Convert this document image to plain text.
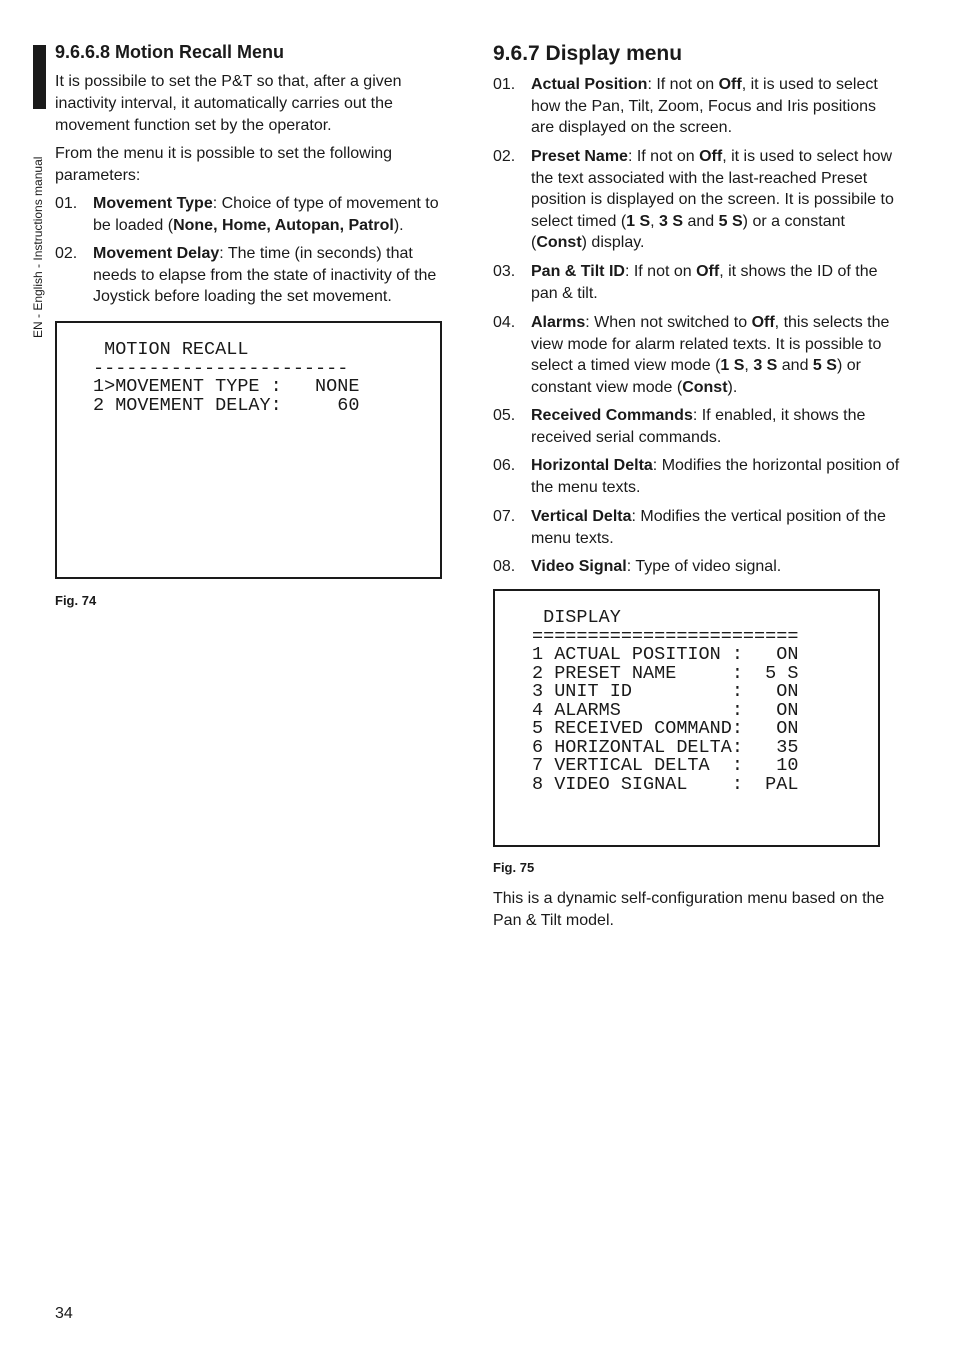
EN - English - Instructions manual
9.6.6.8 Motion Recall Menu

It is possibile to set the P&T so that, after a given inactivity interval, it automatically carries out the movement function set by the operator.

From the menu it is possible to set the following parameters:

01. Movement Type: Choice of type of movement to be loaded (None, Home, Autopan, Patrol).
02. Movement Delay: The time (in seconds) that needs to elapse from the state of inactivity of the Joystick before loading the set movement.
MOTION RECALL
-----------------------
1>MOVEMENT TYPE :   NONE
2 MOVEMENT DELAY:     60
Fig. 74
9.6.7 Display menu
01. Actual Position: If not on Off, it is used to select how the Pan, Tilt, Zoom, Focus and Iris positions are displayed on the screen.
02. Preset Name: If not on Off, it is used to select how the text associated with the last-reached Preset position is displayed on the screen. It is possibile to select timed (1 S, 3 S and 5 S) or a constant (Const) display.
03. Pan & Tilt ID: If not on Off, it shows the ID of the pan & tilt.
04. Alarms: When not switched to Off, this selects the view mode for alarm related texts. It is possible to select a timed view mode (1 S, 3 S and 5 S) or constant view mode (Const).
05. Received Commands: If enabled, it shows the received serial commands.
06. Horizontal Delta: Modifies the horizontal position of the menu texts.
07. Vertical Delta: Modifies the vertical position of the menu texts.
08. Video Signal: Type of video signal.
DISPLAY
========================
1 ACTUAL POSITION :   ON
2 PRESET NAME     :  5 S
3 UNIT ID         :   ON
4 ALARMS          :   ON
5 RECEIVED COMMAND:   ON
6 HORIZONTAL DELTA:   35
7 VERTICAL DELTA  :   10
8 VIDEO SIGNAL    :  PAL
Fig. 75

This is a dynamic self-configuration menu based on the Pan & Tilt model.

34
